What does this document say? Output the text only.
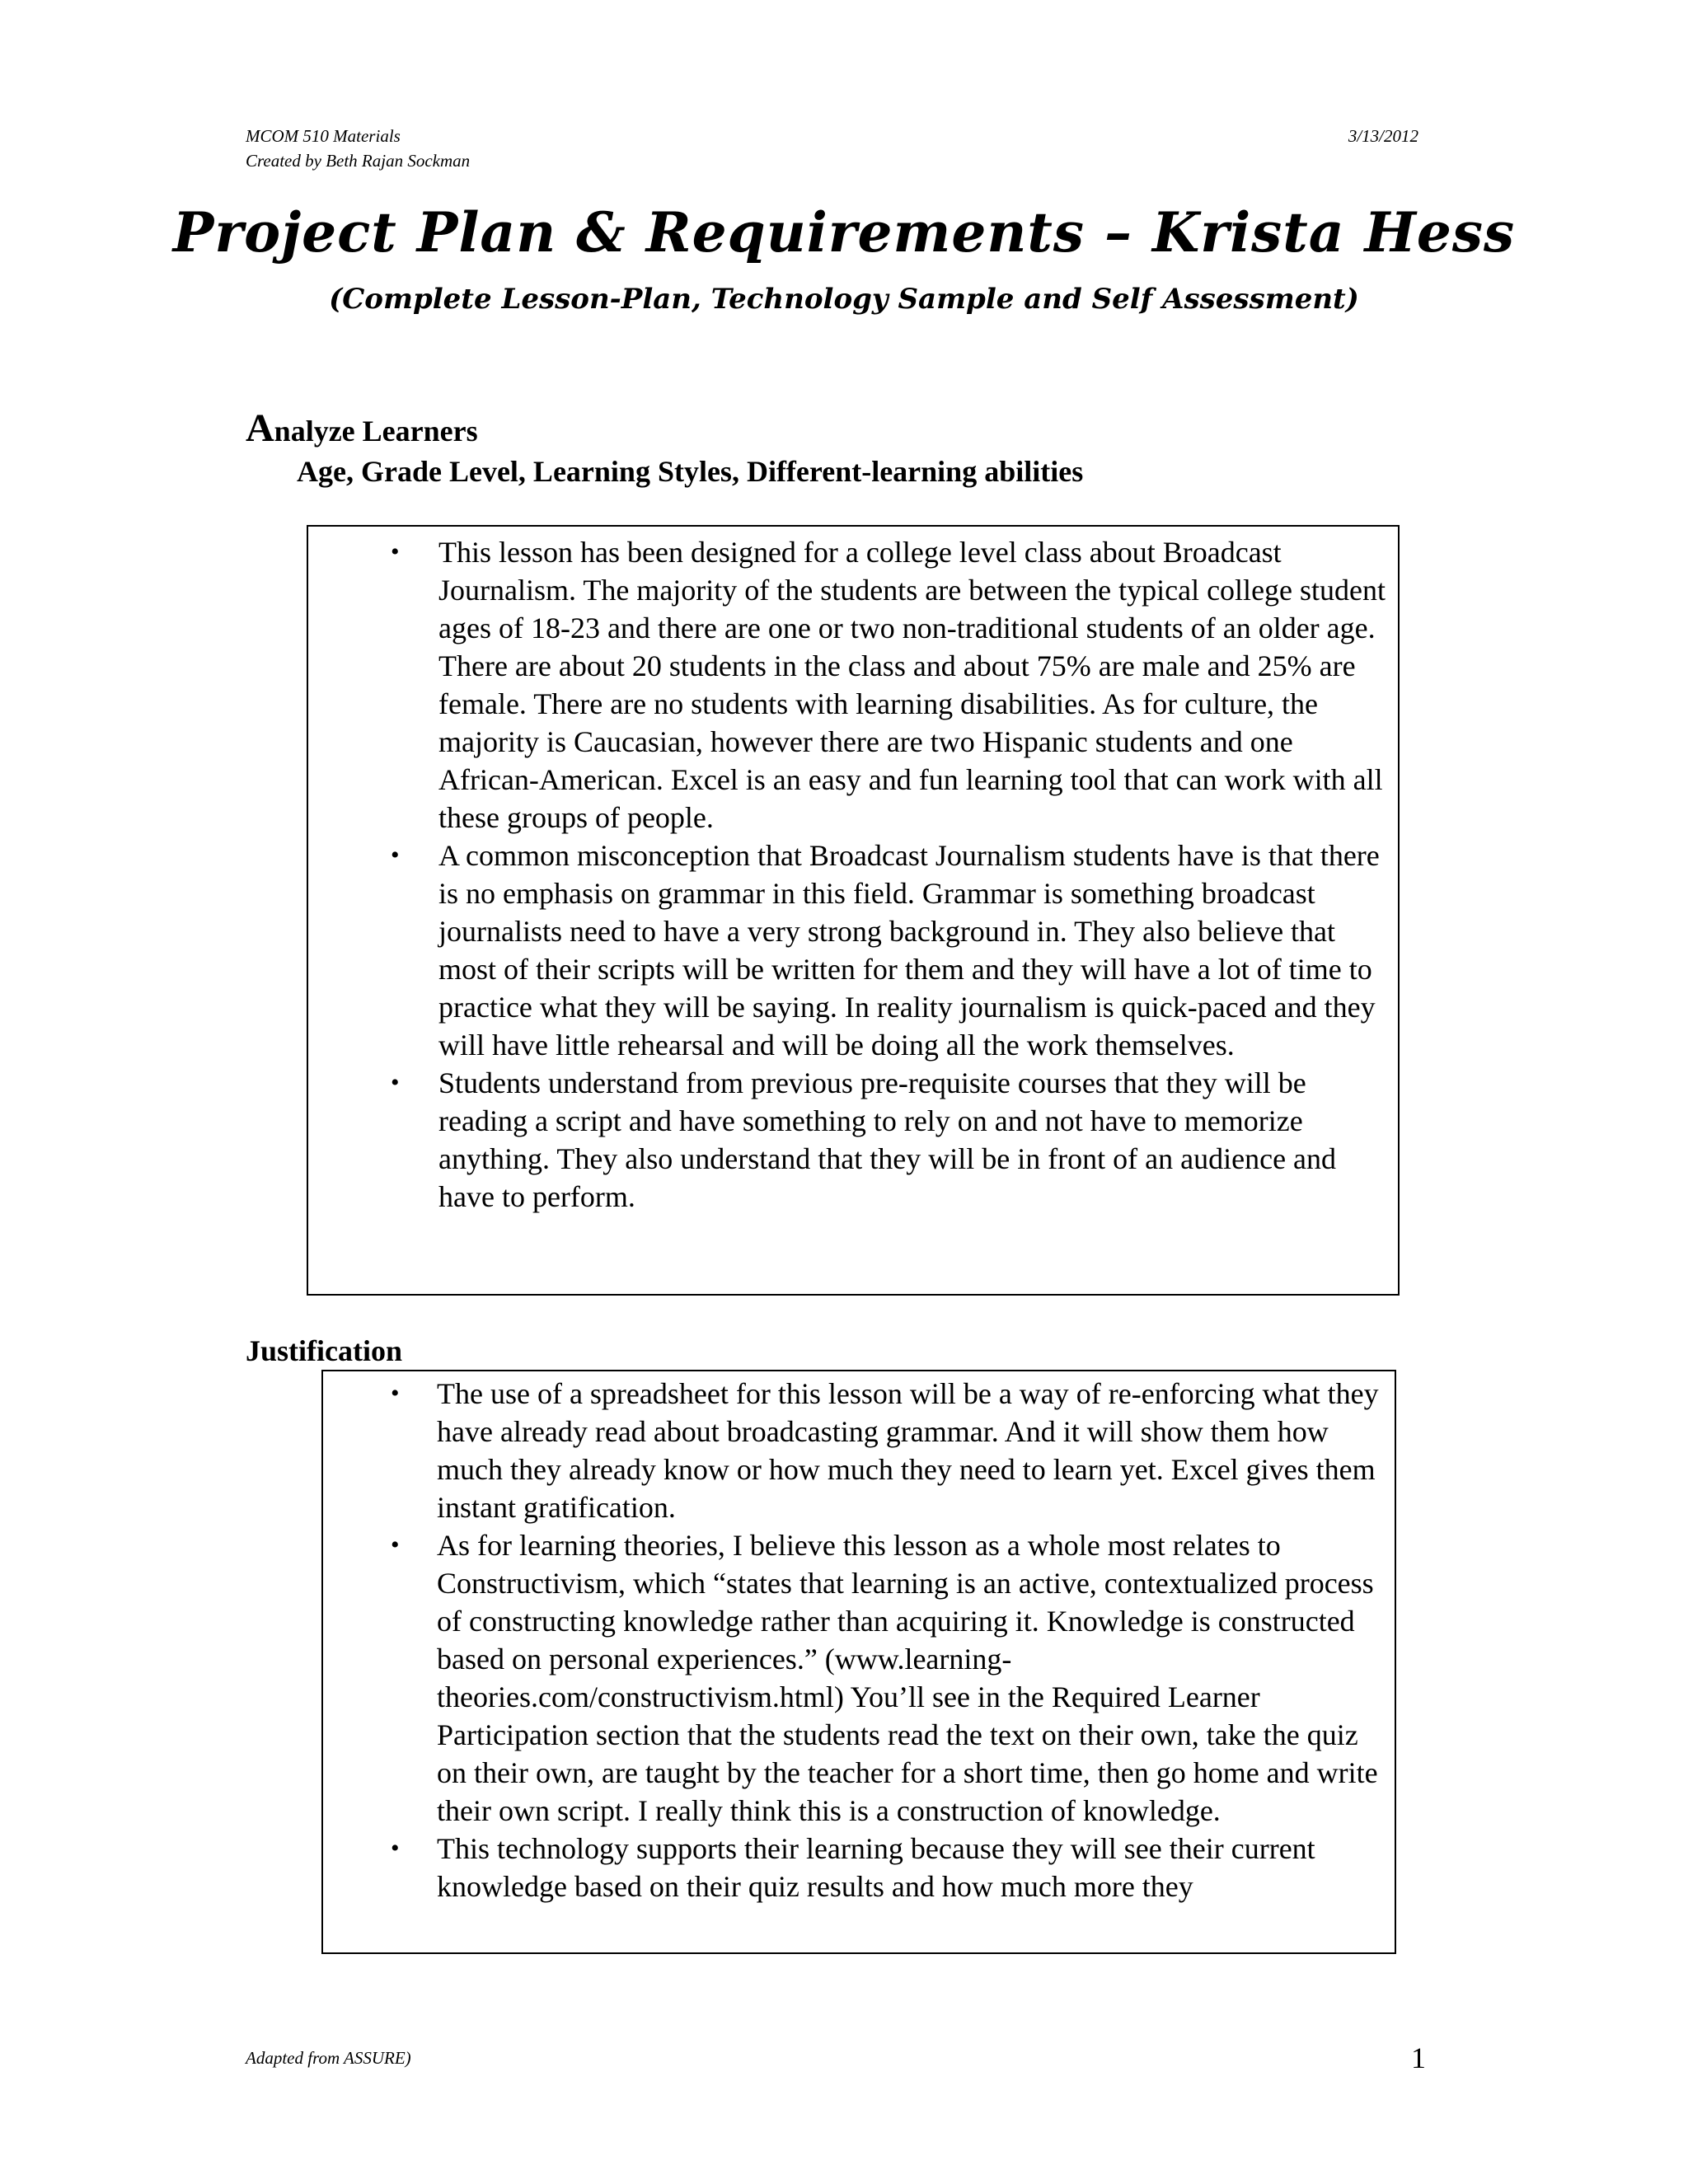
MCOM 510 Materials
Created by Beth Rajan Sockman
3/13/2012
Project Plan & Requirements – Krista Hess
(Complete Lesson-Plan, Technology Sample and Self Assessment)
Analyze Learners
Age, Grade Level, Learning Styles, Different-learning abilities
• This lesson has been designed for a college level class about Broadcast Journalism. The majority of the students are between the typical college student ages of 18-23 and there are one or two non-traditional students of an older age. There are about 20 students in the class and about 75% are male and 25% are female. There are no students with learning disabilities. As for culture, the majority is Caucasian, however there are two Hispanic students and one African-American. Excel is an easy and fun learning tool that can work with all these groups of people.
• A common misconception that Broadcast Journalism students have is that there is no emphasis on grammar in this field. Grammar is something broadcast journalists need to have a very strong background in. They also believe that most of their scripts will be written for them and they will have a lot of time to practice what they will be saying. In reality journalism is quick-paced and they will have little rehearsal and will be doing all the work themselves.
• Students understand from previous pre-requisite courses that they will be reading a script and have something to rely on and not have to memorize anything. They also understand that they will be in front of an audience and have to perform.
Justification
• The use of a spreadsheet for this lesson will be a way of re-enforcing what they have already read about broadcasting grammar. And it will show them how much they already know or how much they need to learn yet. Excel gives them instant gratification.
• As for learning theories, I believe this lesson as a whole most relates to Constructivism, which “states that learning is an active, contextualized process of constructing knowledge rather than acquiring it. Knowledge is constructed based on personal experiences.” (www.learning-theories.com/constructivism.html) You’ll see in the Required Learner Participation section that the students read the text on their own, take the quiz on their own, are taught by the teacher for a short time, then go home and write their own script. I really think this is a construction of knowledge.
• This technology supports their learning because they will see their current knowledge based on their quiz results and how much more they
Adapted from ASSURE)	1
